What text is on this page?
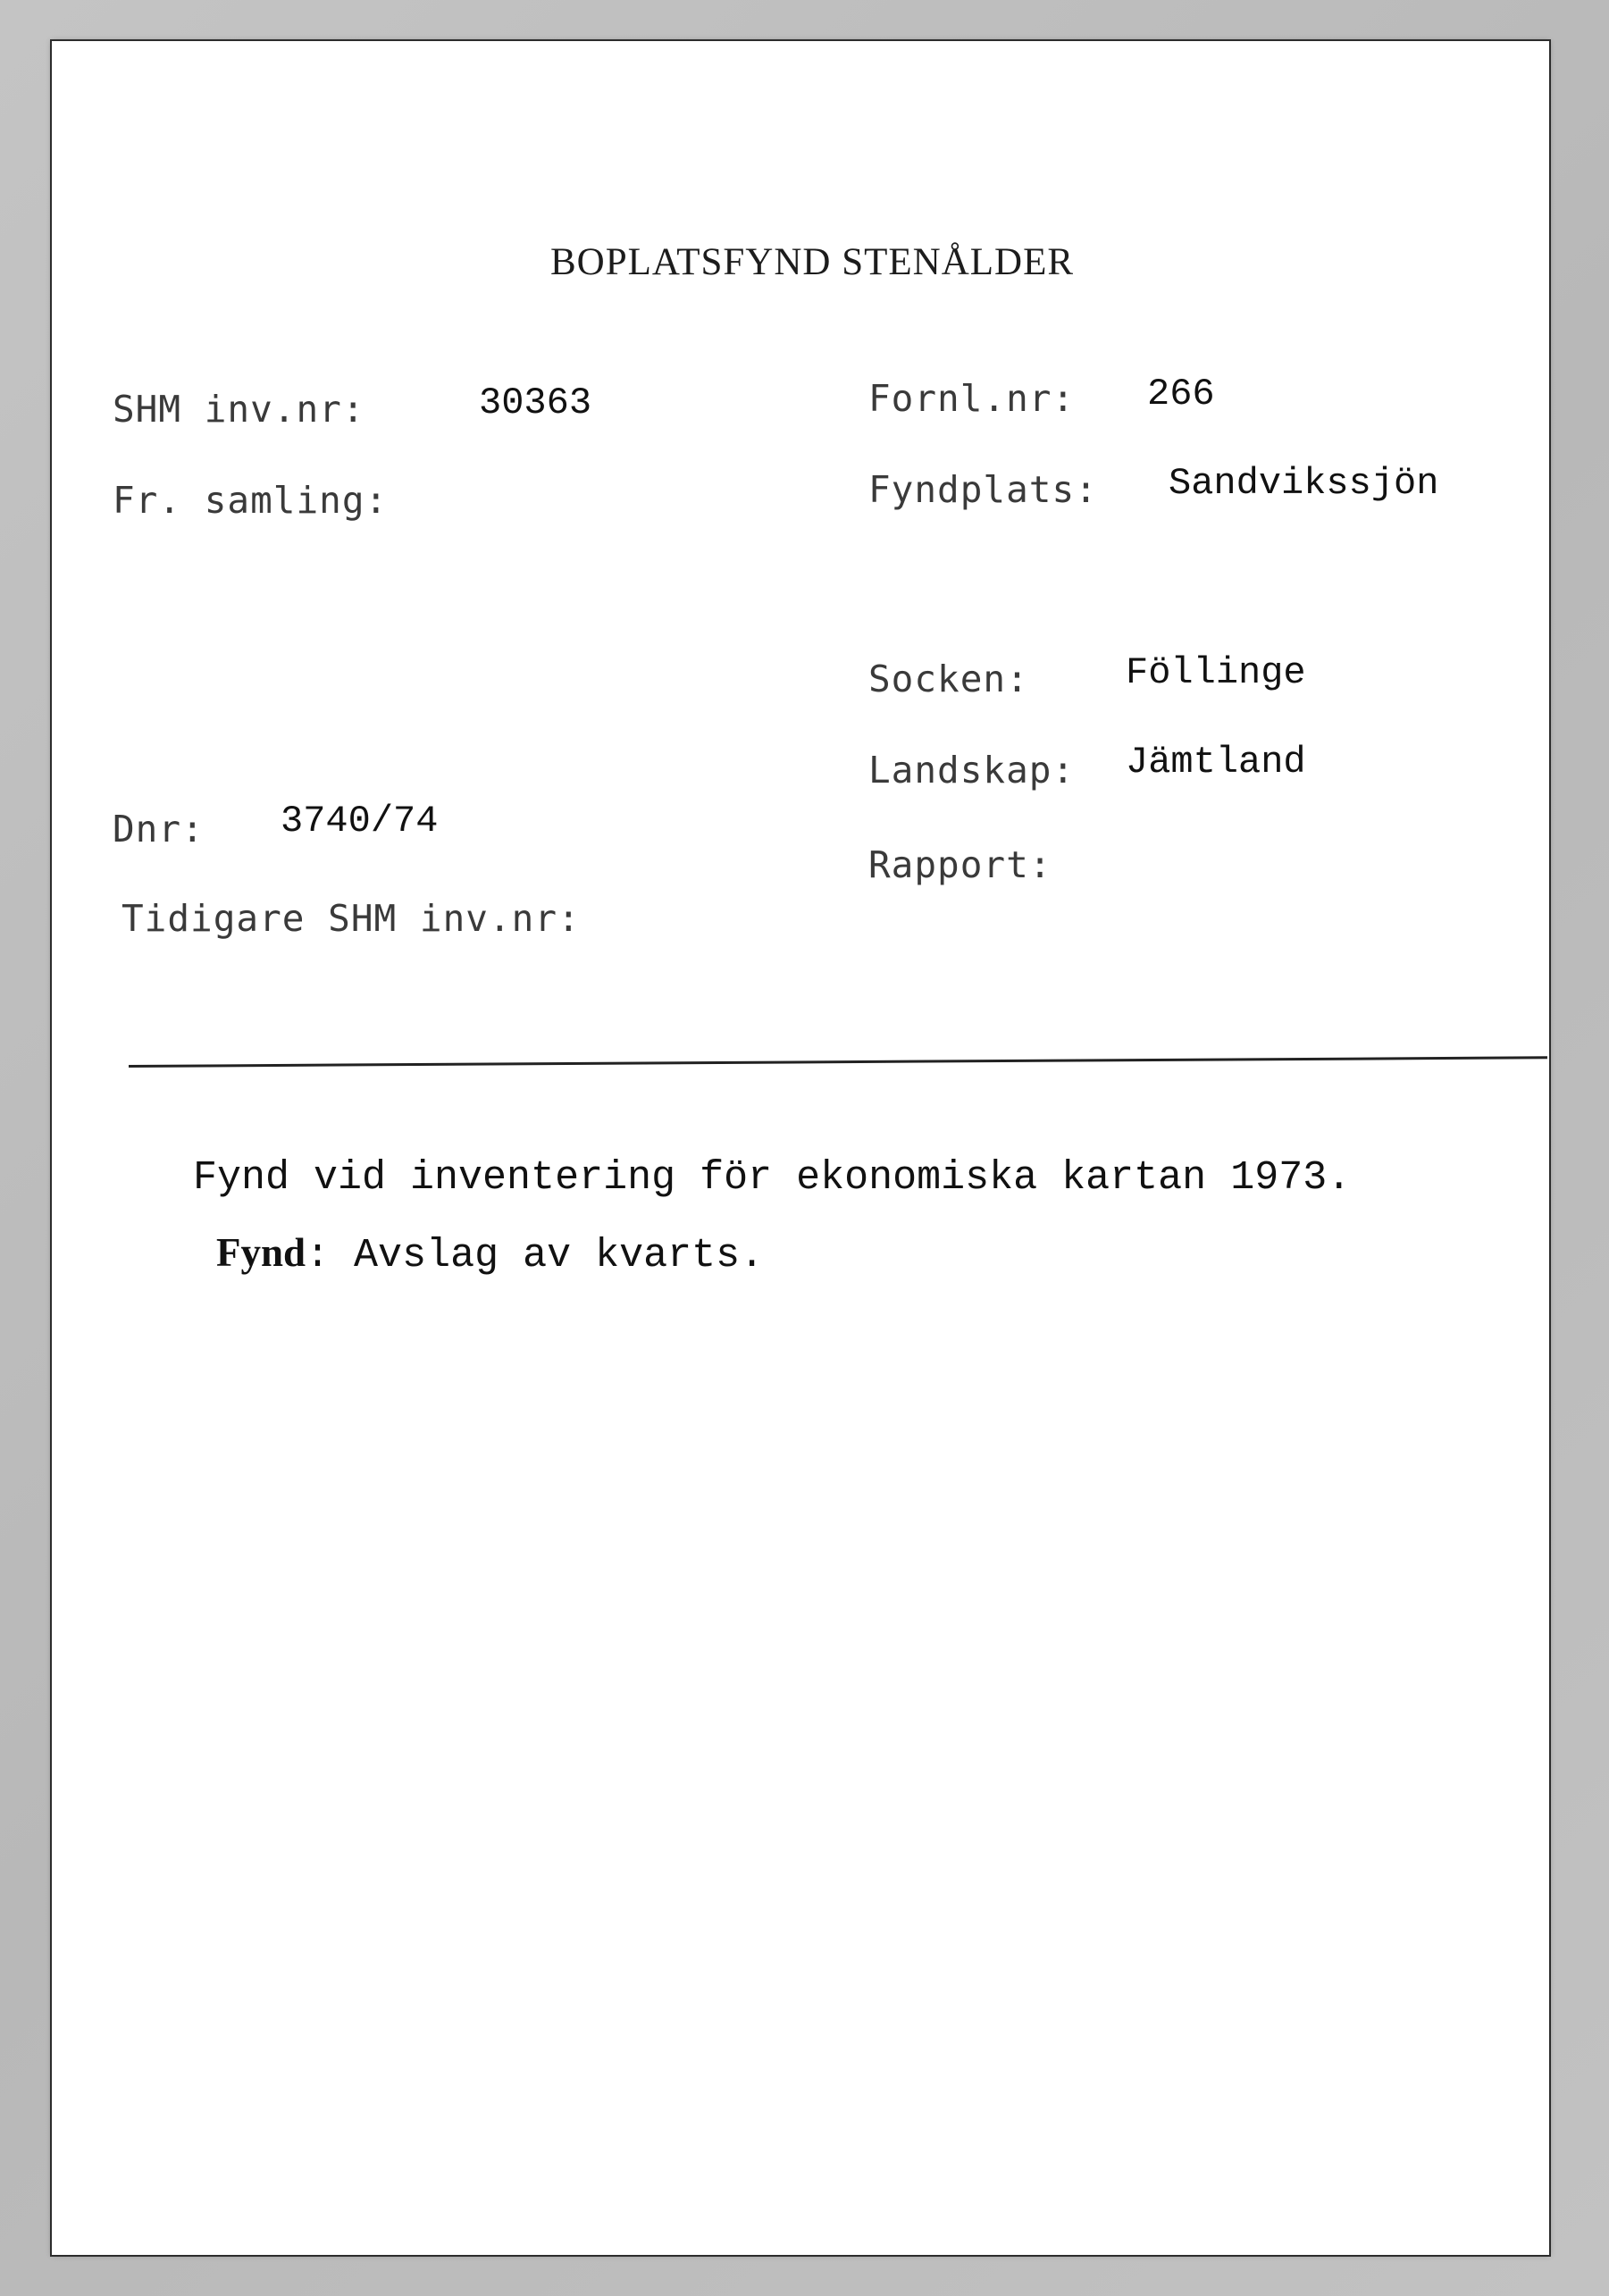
BOPLATSFYND STENÅLDER
SHM inv.nr:	30363
Fr. samling:
Dnr: 3740/74
Tidigare SHM inv.nr:
Fornl.nr: 266
Fyndplats: Sandvikssjön
Socken:	Föllinge
Landskap: Jämtland
Rapport:
Fynd vid inventering för ekonomiska kartan 1973.
Fynd: Avslag av kvarts.
